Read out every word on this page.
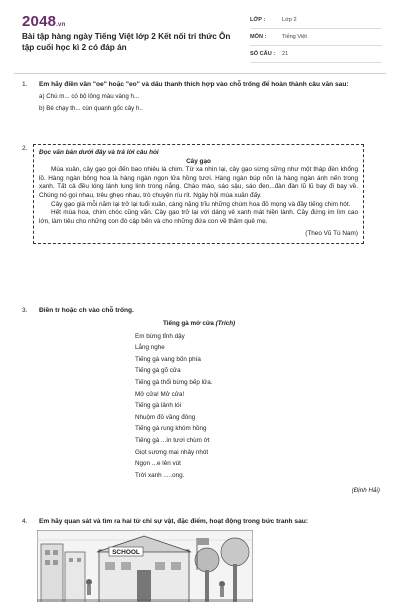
2048.vn
Bài tập hàng ngày Tiếng Việt lớp 2 Kết nối tri thức Ôn tập cuối học kì 2 có đáp án
LỚP :	Lớp 2
MÔN :	Tiếng Việt
SỐ CÂU :	21
1. Em hãy điền vần "oe" hoặc "eo" và dấu thanh thích hợp vào chỗ trống để hoàn thành câu văn sau:
a) Chú m... có bộ lông màu vàng h...
b) Bé chạy th... cún quanh gốc cây h..
2.
Đọc văn bản dưới đây và trả lời câu hỏi
Cây gạo
Mùa xuân, cây gạo gọi đến bao nhiêu là chim. Từ xa nhìn lại, cây gạo sừng sững như một tháp đèn khổng lồ. Hàng ngàn bông hoa là hàng ngàn ngọn lửa hồng tươi. Hàng ngàn búp nõn là hàng ngàn ánh nến trong xanh. Tất cả đều lóng lánh lung linh trong nắng. Chào mào, sáo sậu, sáo đen...đàn đàn lũ lũ bay đi bay về. Chúng nó gọi nhau, trêu ghẹo nhau, trò chuyện ríu rít. Ngày hội mùa xuân đấy.
Cây gạo già mỗi năm lại trở lại tuổi xuân, càng nặng trĩu những chùm hoa đỏ mọng và đầy tiếng chim hót.
Hết mùa hoa, chim chóc cũng vãn. Cây gạo trở lại với dáng vẻ xanh mát hiền lành. Cây đứng im lìm cao lớn, làm tiêu cho những con đò cập bến và cho những đứa con về thăm quê mẹ.
(Theo Vũ Tú Nam)
3. Điền tr hoặc ch vào chỗ trống.
Tiếng gà mở cửa (Trích)
Em bừng tỉnh dậy
Lắng nghe
Tiếng gà vang bốn phía
Tiếng gà gõ cửa
Tiếng gà thổi bừng bếp lửa.
Mở cửa! Mở cửa!
Tiếng gà lảnh lói
Nhuộm đỏ vầng đông
Tiếng gà rung khóm hồng
Tiếng gà ...ìn tươi chùm ớt
Giọt sương mai nhảy nhót
Ngọn ...e lên vút
Trời xanh .....ong.
(Định Hải)
4. Em hãy quan sát và tìm ra hai từ chỉ sự vật, đặc điểm, hoạt động trong bức tranh sau:
SCHOOL
